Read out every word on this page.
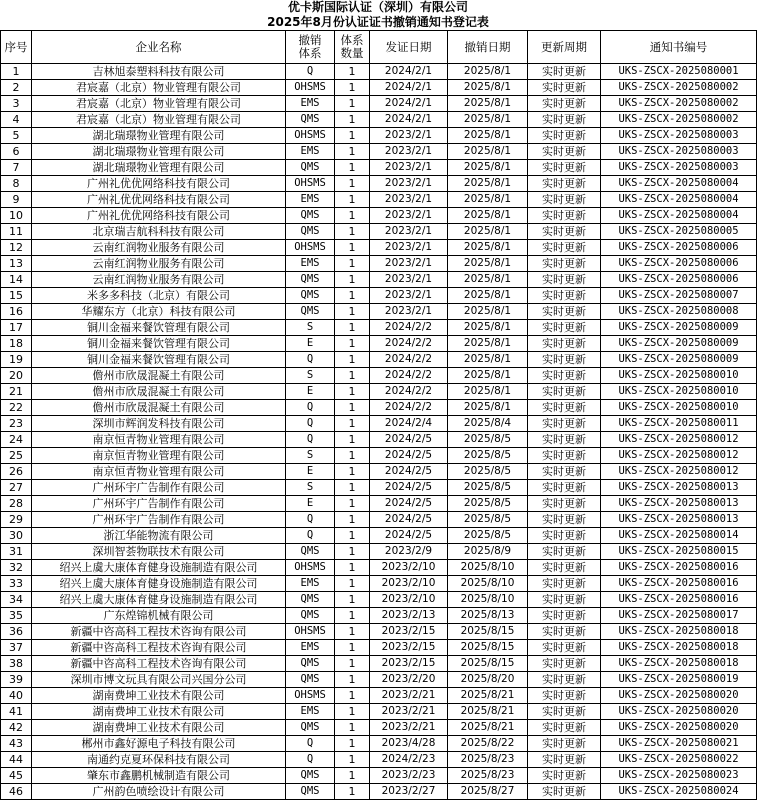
优卡斯国际认证（深圳）有限公司
2025年8月份认证证书撤销通知书登记表
序号	企业名称	撤销体系	体系数量	发证日期	撤销日期	更新周期	通知书编号
1	吉林旭泰塑料科技有限公司	Q	1	2024/2/1	2025/8/1	实时更新	UKS-ZSCX-2025080001
2	君宸嘉（北京）物业管理有限公司	OHSMS	1	2024/2/1	2025/8/1	实时更新	UKS-ZSCX-2025080002
3	君宸嘉（北京）物业管理有限公司	EMS	1	2024/2/1	2025/8/1	实时更新	UKS-ZSCX-2025080002
4	君宸嘉（北京）物业管理有限公司	QMS	1	2024/2/1	2025/8/1	实时更新	UKS-ZSCX-2025080002
5	湖北瑞璟物业管理有限公司	OHSMS	1	2023/2/1	2025/8/1	实时更新	UKS-ZSCX-2025080003
6	湖北瑞璟物业管理有限公司	EMS	1	2023/2/1	2025/8/1	实时更新	UKS-ZSCX-2025080003
7	湖北瑞璟物业管理有限公司	QMS	1	2023/2/1	2025/8/1	实时更新	UKS-ZSCX-2025080003
8	广州礼优优网络科技有限公司	OHSMS	1	2023/2/1	2025/8/1	实时更新	UKS-ZSCX-2025080004
9	广州礼优优网络科技有限公司	EMS	1	2023/2/1	2025/8/1	实时更新	UKS-ZSCX-2025080004
10	广州礼优优网络科技有限公司	QMS	1	2023/2/1	2025/8/1	实时更新	UKS-ZSCX-2025080004
11	北京瑞吉航科科技有限公司	QMS	1	2023/2/1	2025/8/1	实时更新	UKS-ZSCX-2025080005
12	云南红润物业服务有限公司	OHSMS	1	2023/2/1	2025/8/1	实时更新	UKS-ZSCX-2025080006
13	云南红润物业服务有限公司	EMS	1	2023/2/1	2025/8/1	实时更新	UKS-ZSCX-2025080006
14	云南红润物业服务有限公司	QMS	1	2023/2/1	2025/8/1	实时更新	UKS-ZSCX-2025080006
15	米多多科技（北京）有限公司	QMS	1	2023/2/1	2025/8/1	实时更新	UKS-ZSCX-2025080007
16	华耀东方（北京）科技有限公司	QMS	1	2023/2/1	2025/8/1	实时更新	UKS-ZSCX-2025080008
17	铜川金福来餐饮管理有限公司	S	1	2024/2/2	2025/8/1	实时更新	UKS-ZSCX-2025080009
18	铜川金福来餐饮管理有限公司	E	1	2024/2/2	2025/8/1	实时更新	UKS-ZSCX-2025080009
19	铜川金福来餐饮管理有限公司	Q	1	2024/2/2	2025/8/1	实时更新	UKS-ZSCX-2025080009
20	儋州市欣晟混凝土有限公司	S	1	2024/2/2	2025/8/1	实时更新	UKS-ZSCX-2025080010
21	儋州市欣晟混凝土有限公司	E	1	2024/2/2	2025/8/1	实时更新	UKS-ZSCX-2025080010
22	儋州市欣晟混凝土有限公司	Q	1	2024/2/2	2025/8/1	实时更新	UKS-ZSCX-2025080010
23	深圳市辉润发科技有限公司	Q	1	2024/2/4	2025/8/4	实时更新	UKS-ZSCX-2025080011
24	南京恒青物业管理有限公司	Q	1	2024/2/5	2025/8/5	实时更新	UKS-ZSCX-2025080012
25	南京恒青物业管理有限公司	S	1	2024/2/5	2025/8/5	实时更新	UKS-ZSCX-2025080012
26	南京恒青物业管理有限公司	E	1	2024/2/5	2025/8/5	实时更新	UKS-ZSCX-2025080012
27	广州环宇广告制作有限公司	S	1	2024/2/5	2025/8/5	实时更新	UKS-ZSCX-2025080013
28	广州环宇广告制作有限公司	E	1	2024/2/5	2025/8/5	实时更新	UKS-ZSCX-2025080013
29	广州环宇广告制作有限公司	Q	1	2024/2/5	2025/8/5	实时更新	UKS-ZSCX-2025080013
30	浙江华能物流有限公司	Q	1	2024/2/5	2025/8/5	实时更新	UKS-ZSCX-2025080014
31	深圳智荟物联技术有限公司	QMS	1	2023/2/9	2025/8/9	实时更新	UKS-ZSCX-2025080015
32	绍兴上虞大康体育健身设施制造有限公司	OHSMS	1	2023/2/10	2025/8/10	实时更新	UKS-ZSCX-2025080016
33	绍兴上虞大康体育健身设施制造有限公司	EMS	1	2023/2/10	2025/8/10	实时更新	UKS-ZSCX-2025080016
34	绍兴上虞大康体育健身设施制造有限公司	QMS	1	2023/2/10	2025/8/10	实时更新	UKS-ZSCX-2025080016
35	广东煌锦机械有限公司	QMS	1	2023/2/13	2025/8/13	实时更新	UKS-ZSCX-2025080017
36	新疆中咨高科工程技术咨询有限公司	OHSMS	1	2023/2/15	2025/8/15	实时更新	UKS-ZSCX-2025080018
37	新疆中咨高科工程技术咨询有限公司	EMS	1	2023/2/15	2025/8/15	实时更新	UKS-ZSCX-2025080018
38	新疆中咨高科工程技术咨询有限公司	QMS	1	2023/2/15	2025/8/15	实时更新	UKS-ZSCX-2025080018
39	深圳市博文玩具有限公司兴国分公司	QMS	1	2023/2/20	2025/8/20	实时更新	UKS-ZSCX-2025080019
40	湖南费坤工业技术有限公司	OHSMS	1	2023/2/21	2025/8/21	实时更新	UKS-ZSCX-2025080020
41	湖南费坤工业技术有限公司	EMS	1	2023/2/21	2025/8/21	实时更新	UKS-ZSCX-2025080020
42	湖南费坤工业技术有限公司	QMS	1	2023/2/21	2025/8/21	实时更新	UKS-ZSCX-2025080020
43	郴州市鑫好源电子科技有限公司	Q	1	2023/4/28	2025/8/22	实时更新	UKS-ZSCX-2025080021
44	南通约克夏环保科技有限公司	Q	1	2024/2/23	2025/8/23	实时更新	UKS-ZSCX-2025080022
45	肇东市鑫鹏机械制造有限公司	QMS	1	2023/2/23	2025/8/23	实时更新	UKS-ZSCX-2025080023
46	广州韵色喷绘设计有限公司	QMS	1	2023/2/27	2025/8/27	实时更新	UKS-ZSCX-2025080024
